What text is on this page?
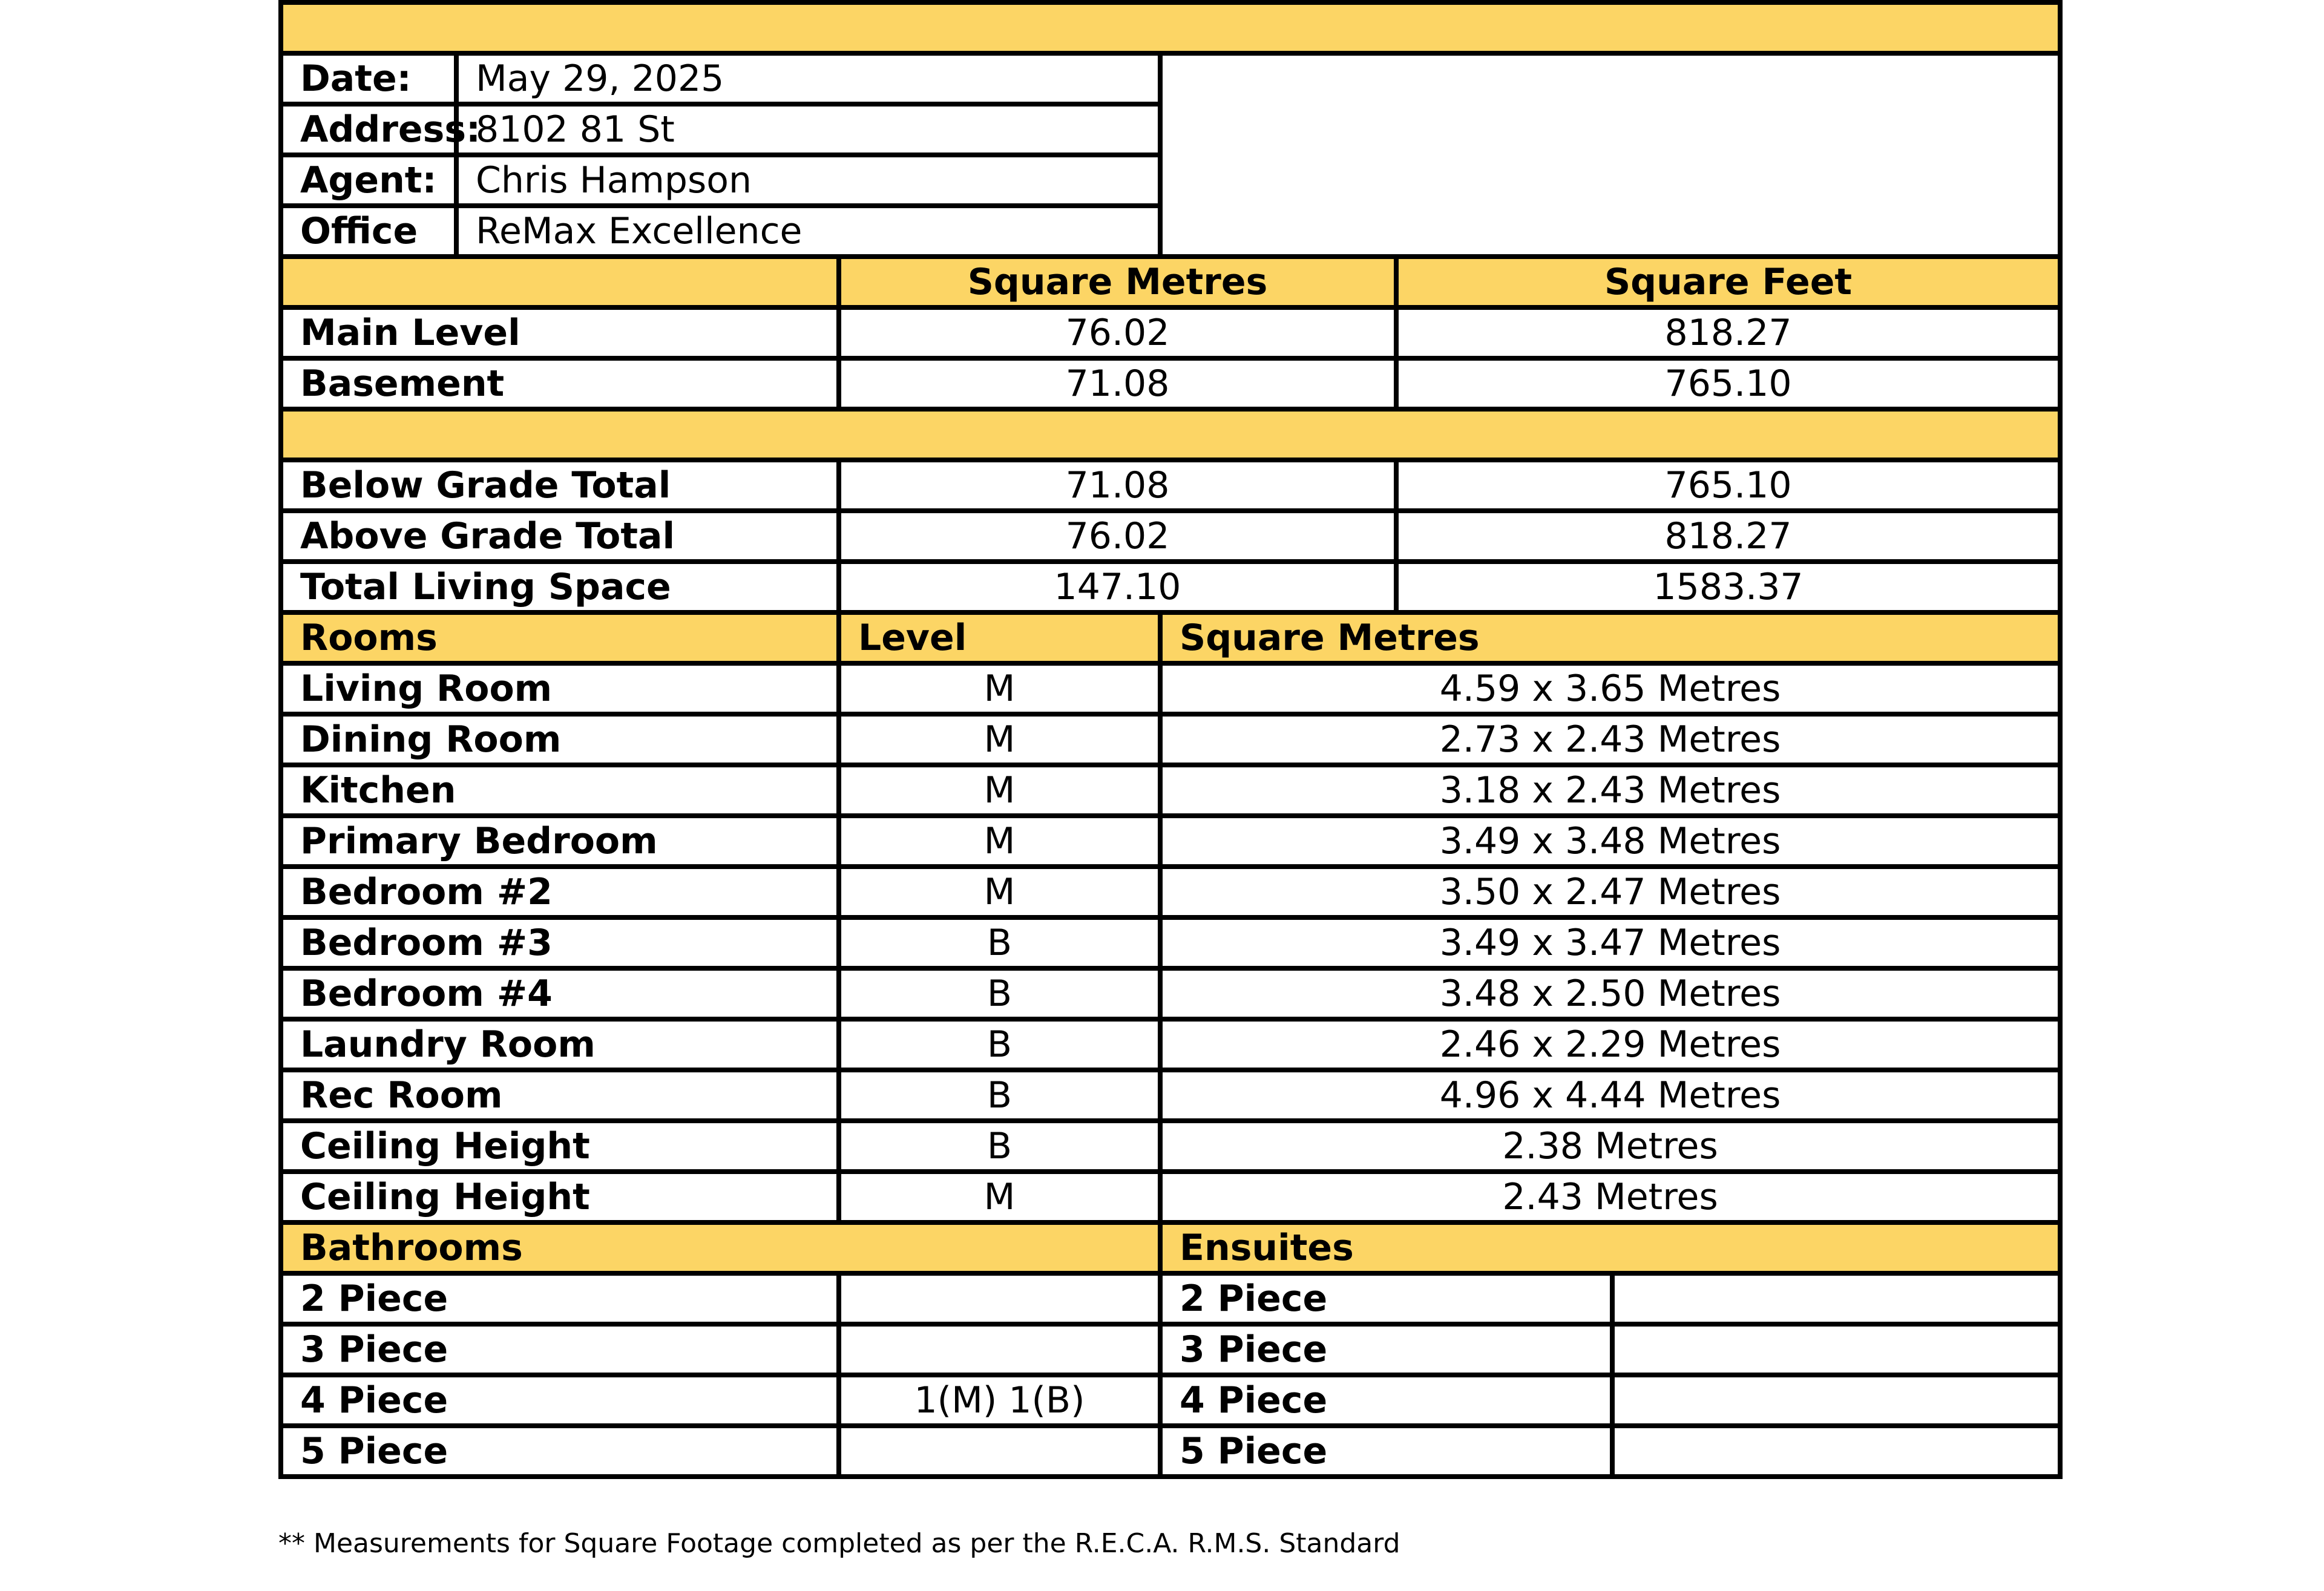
Date:	May 29, 2025				
Address:	8102 81 St				
Agent:	Chris Hampson				
Office	ReMax Excellence				
		Square Metres		Square Feet	
Main Level		76.02		818.27	
Basement		71.08		765.10	

Below Grade Total		71.08		765.10	
Above Grade Total		76.02		818.27	
Total Living Space		147.10		1583.37	
Rooms		Level	Square Metres		
Living Room		M	4.59 x 3.65 Metres		
Dining Room		M	2.73 x 2.43 Metres		
Kitchen		M	3.18 x 2.43 Metres		
Primary Bedroom		M	3.49 x 3.48 Metres		
Bedroom #2		M	3.50 x 2.47 Metres		
Bedroom #3		B	3.49 x 3.47 Metres		
Bedroom #4		B	3.48 x 2.50 Metres		
Laundry Room		B	2.46 x 2.29 Metres		
Rec Room		B	4.96 x 4.44 Metres		
Ceiling Height		B	2.38 Metres		
Ceiling Height		M	2.43 Metres		
Bathrooms			Ensuites		
2 Piece			2 Piece		
3 Piece			3 Piece		
4 Piece		1(M) 1(B)	4 Piece		
5 Piece			5 Piece		
** Measurements for Square Footage completed as per the R.E.C.A. R.M.S. Standard
